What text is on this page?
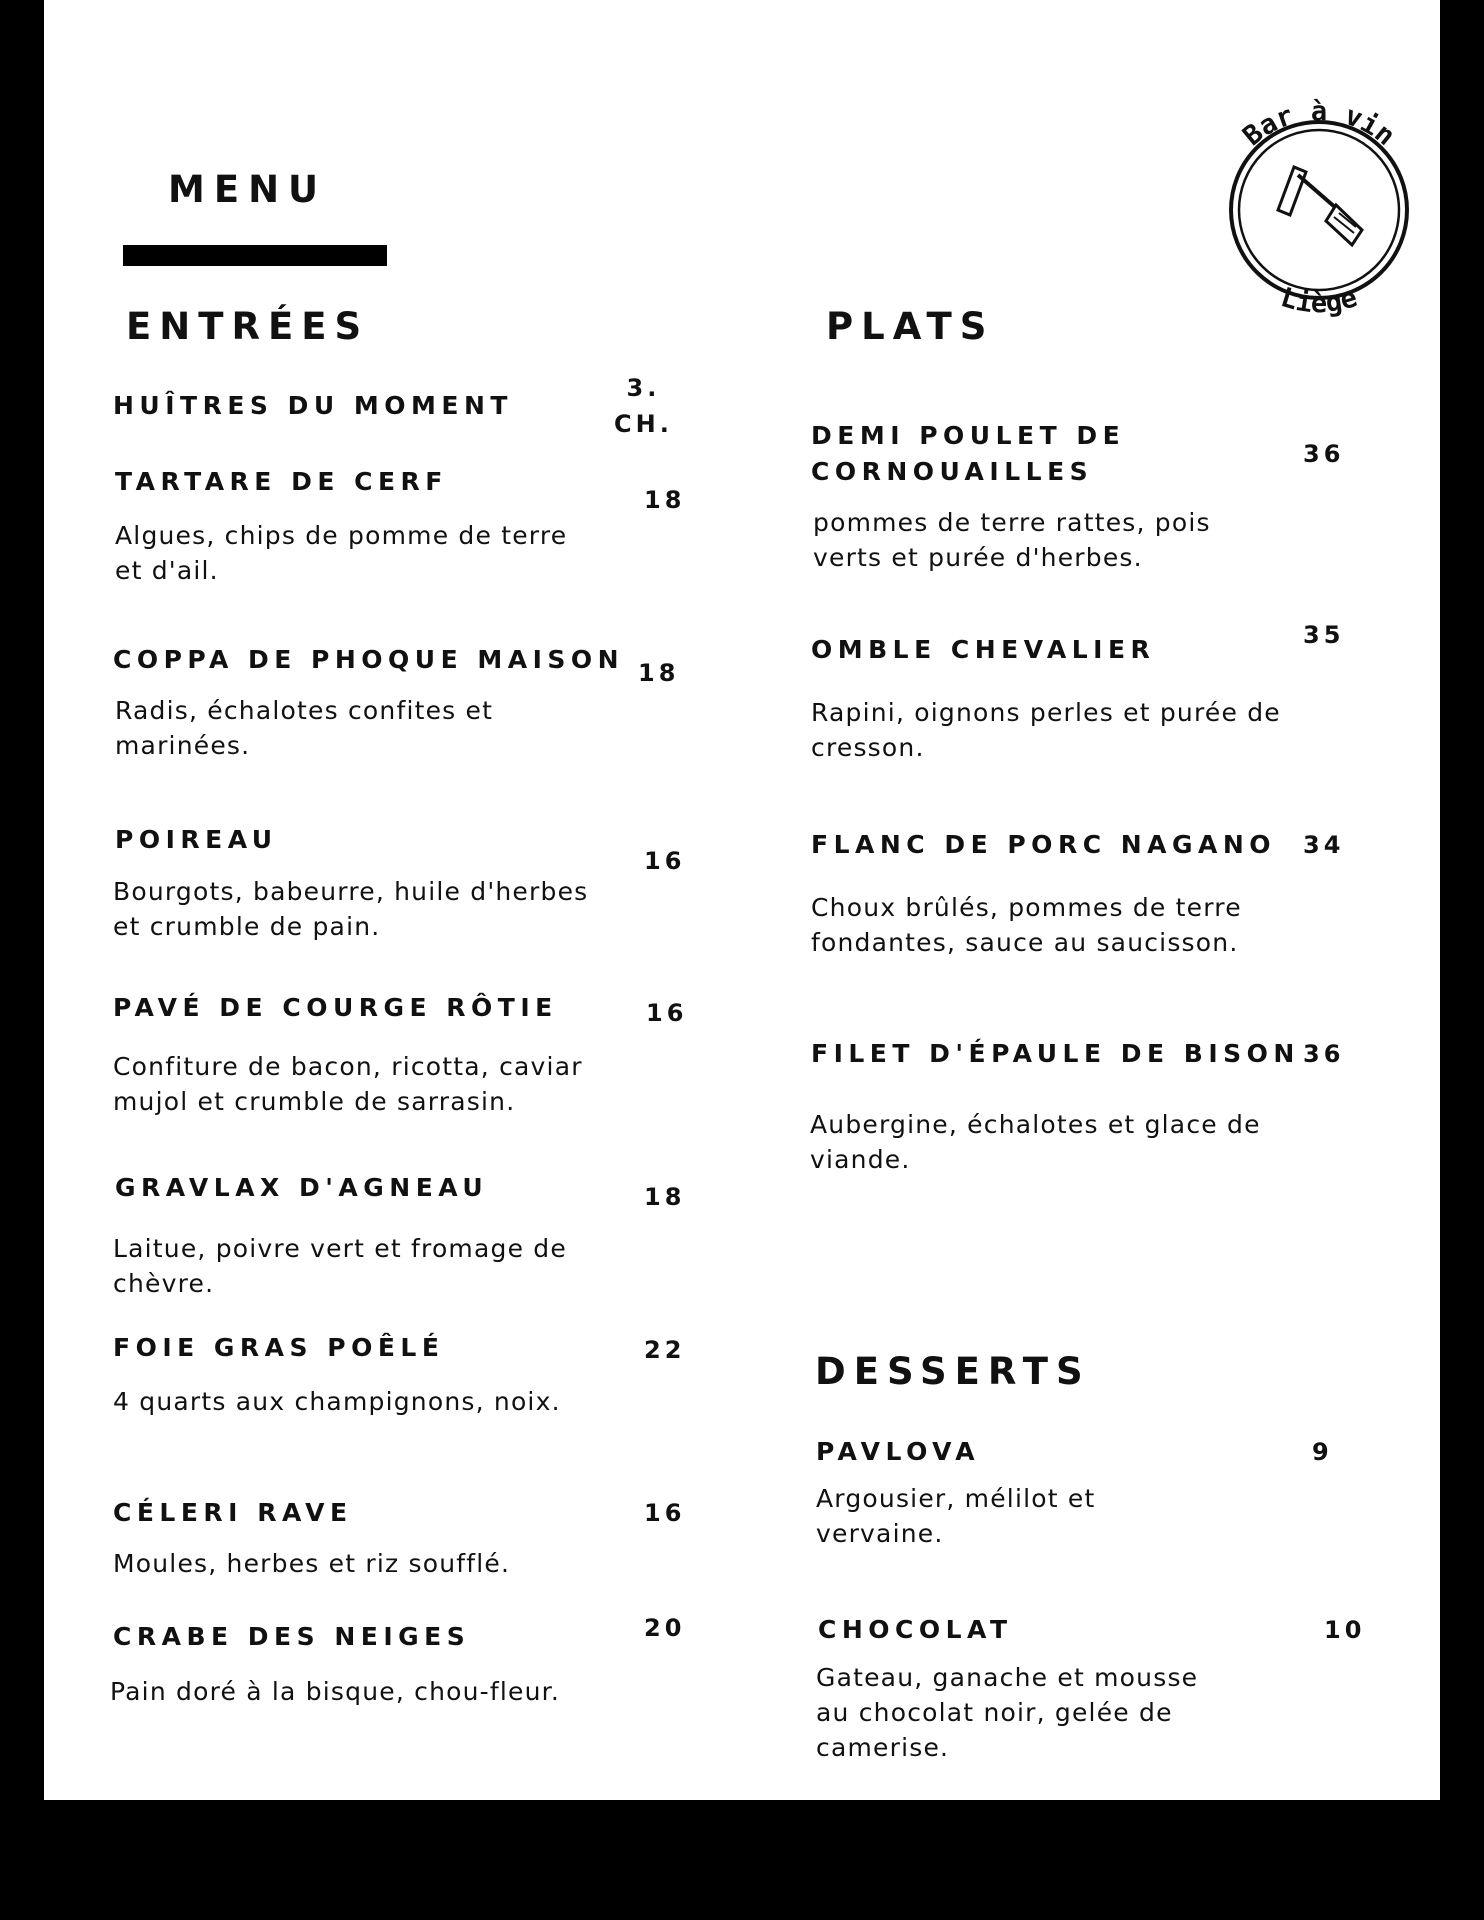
MENU
Bar à vin
Liège
ENTRÉES	PLATS
DESSERTS
HUÎTRES DU MOMENT
3.
CH.
TARTARE DE CERF
18
Algues, chips de pomme de terre
et d'ail.
COPPA DE PHOQUE MAISON 18
Radis, échalotes confites et
marinées.
POIREAU
16
Bourgots, babeurre, huile d'herbes
et crumble de pain.
PAVÉ DE COURGE RÔTIE	16
Confiture de bacon, ricotta, caviar
mujol et crumble de sarrasin.
GRAVLAX D'AGNEAU	18
Laitue, poivre vert et fromage de
chèvre.
FOIE GRAS POÊLÉ	22
4 quarts aux champignons, noix.
CÉLERI RAVE	16
Moules, herbes et riz soufflé.
CRABE DES NEIGES	20
Pain doré à la bisque, chou-fleur.
DEMI POULET DE
CORNOUAILLES
36
pommes de terre rattes, pois
verts et purée d'herbes.
OMBLE CHEVALIER	35
Rapini, oignons perles et purée de
cresson.
FLANC DE PORC NAGANO 34
Choux brûlés, pommes de terre
fondantes, sauce au saucisson.
FILET D'ÉPAULE DE BISON 36
Aubergine, échalotes et glace de
viande.
PAVLOVA	9
Argousier, mélilot et
vervaine.
CHOCOLAT	10
Gateau, ganache et mousse
au chocolat noir, gelée de
camerise.
